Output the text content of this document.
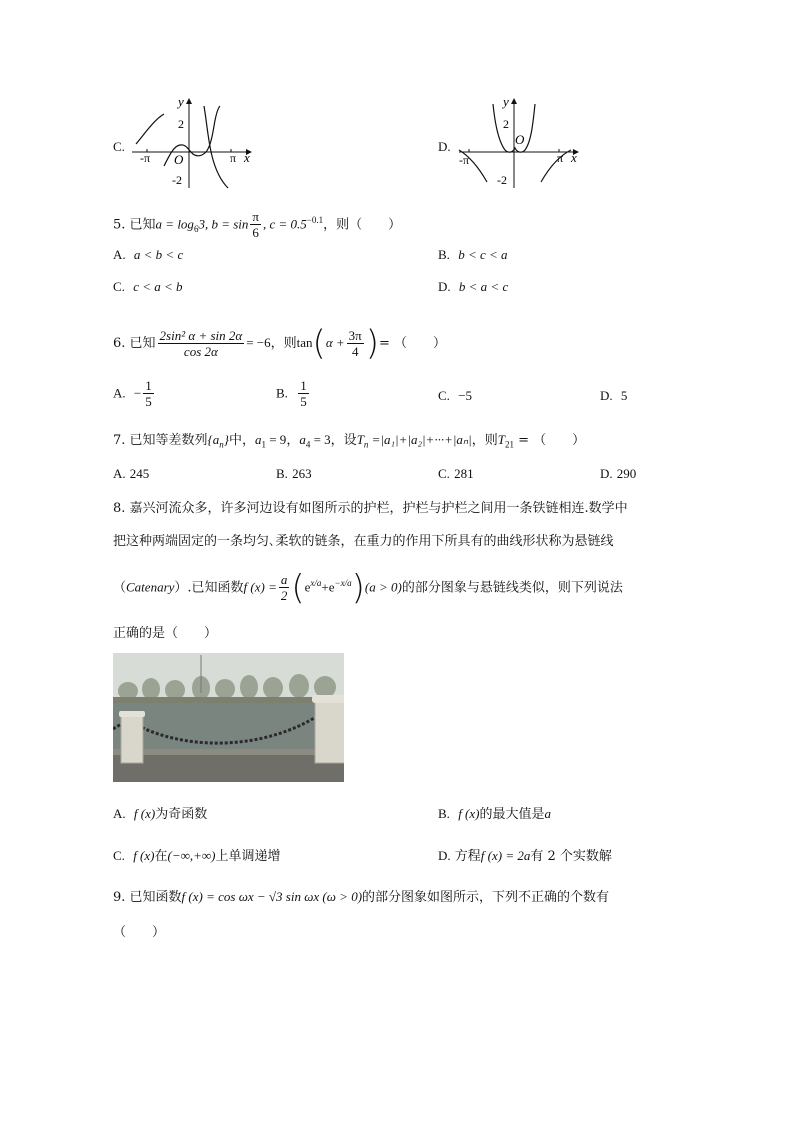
C.
y
x
O
2
-2
-π	π
D.
y
x
O
2
-2
-π	π
5. 已知$a = \log_63$, $b = \sin \frac{\pi}{6}$ , $c = 0.5^{-0.1}$，则（　　）
A. a < b < c	B. b < c < a
C. c < a < b	D. b < a < c
6. 已知 $\frac{\text{2sin² α + sin 2α}}{\cos 2\alpha} = -6$，则$\tan(\alpha + \frac{3\pi}{4}$ )= （　　）
A. − $\frac{1}{5}$	B. $\frac{1}{5}$	C. −5	D. 5
7. 已知等差数列$\{a_n\}$中，$a_1 = 9$，$a_4 = 3$，设$T_n =|a_1|+|a_2|+\cdot\cdot\cdot+|a_n|$，则$T_{21}$ = （　　）
A. 245	B. 263	C. 281	D. 290
8. 嘉兴河流众多，许多河边设有如图所示的护栏，护栏与护栏之间用一条铁链相连.数学中
把这种两端固定的一条均匀､柔软的链条，在重力的作用下所具有的曲线形状称为悬链线
（Catenary）.已知函数f $(x) = \frac{a}{2} (e^{x/a}+e^{-x/a})(a > 0)$的部分图象与悬链线类似，则下列说法
正确的是（　　）
A. f (x)为奇函数	B. f (x)的最大值是a
C. f (x)在(−∞,+∞)上单调递增	D. 方程f (x) = 2a有 2 个实数解
9. 已知函数f (x) = cos ωx − √3 sin ωx (ω > 0)的部分图象如图所示，下列不正确的个数有
（　　）
